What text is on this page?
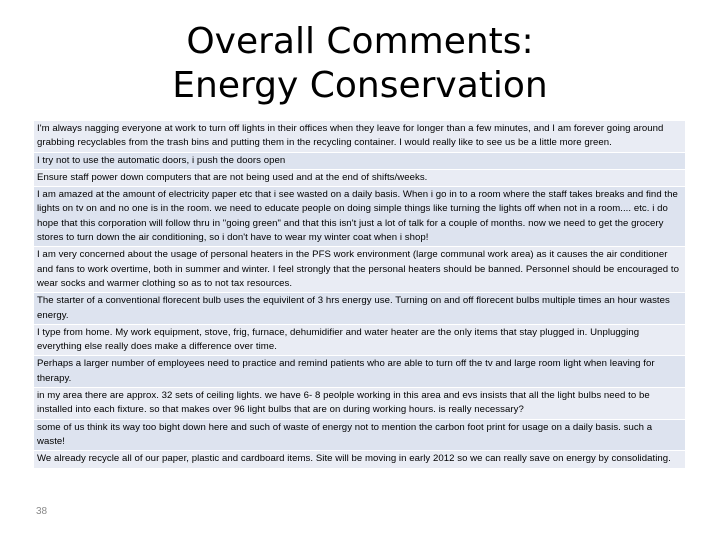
Overall Comments:
Energy Conservation
I'm always nagging everyone at work to turn off lights in their offices when they leave for longer than a few minutes, and I am forever going around grabbing recyclables from the trash bins and putting them in the recycling container. I would really like to see us be a little more green.
I try not to use the automatic doors, i push the doors open
Ensure staff power down computers that are not being used and at the end of shifts/weeks.
I am amazed at the amount of electricity paper etc that i see wasted on a daily basis. When i go in to a room where the staff takes breaks and find the lights on tv on and no one is in the room. we need to educate people on doing simple things like turning the lights off when not in a room.... etc. i do hope that this corporation will follow thru in "going green" and that this isn't just a lot of talk for a couple of months. now we need to get the grocery stores to turn down the air conditioning, so i don't have to wear my winter coat when i shop!
I am very concerned about the usage of personal heaters in the PFS work environment (large communal work area) as it causes the air conditioner and fans to work overtime, both in summer and winter. I feel strongly that the personal heaters should be banned. Personnel should be encouraged to wear socks and warmer clothing so as to not tax resources.
The starter of a conventional florecent bulb uses the equivilent of 3 hrs energy use. Turning on and off florecent bulbs multiple times an hour wastes energy.
I type from home. My work equipment, stove, frig, furnace, dehumidifier and water heater are the only items that stay plugged in. Unplugging everything else really does make a difference over time.
Perhaps a larger number of employees need to practice and remind patients who are able to turn off the tv and large room light when leaving for therapy.
in my area there are approx. 32 sets of ceiling lights. we have 6- 8 peolple working in this area and evs insists that all the light bulbs need to be installed into each fixture. so that makes over 96 light bulbs that are on during working hours. is really necessary?
some of us think its way too bight down here and such of waste of energy not to mention the carbon foot print for usage on a daily basis. such a waste!
We already recycle all of our paper, plastic and cardboard items. Site will be moving in early 2012 so we can really save on energy by consolidating.
38
